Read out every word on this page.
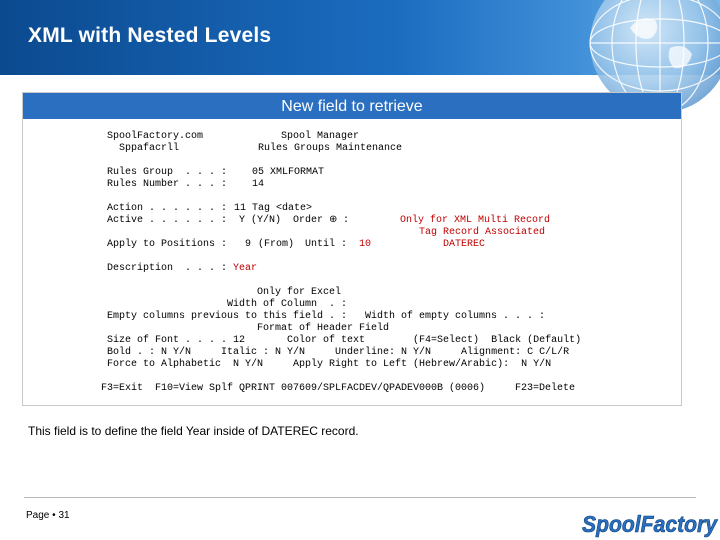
XML with Nested Levels
New field to retrieve
SpoolFactory.com
Sppafacrll
Spool Manager
Rules Groups Maintenance
Rules Group  . . . : 05 XMLFORMAT
Rules Number . . . : 14
Action . . . . . . : 11 Tag <date>
Active . . . . . . : Y (Y/N) Order ⊕ :
Apply to Positions : 9 (From) Until : 10
Only for XML Multi Record
Tag Record Associated
DATEREC
Description  . . . : Year
Only for Excel
Width of Column  . :
Empty columns previous to this field . : Width of empty columns . . . :
Format of Header Field
Size of Font . . . . 12       Color of text        (F4=Select)  Black (Default)
Bold . : N Y/N     Italic : N Y/N     Underline: N Y/N     Alignment: C C/L/R
Force to Alphabetic  N Y/N     Apply Right to Left (Hebrew/Arabic):  N Y/N
F3=Exit F10=View Splf QPRINT 007609/SPLFACDEV/QPADEV000B (0006)	F23=Delete
This field is to define the field Year inside of DATEREC record.
Page • 31	SpoolFactory
